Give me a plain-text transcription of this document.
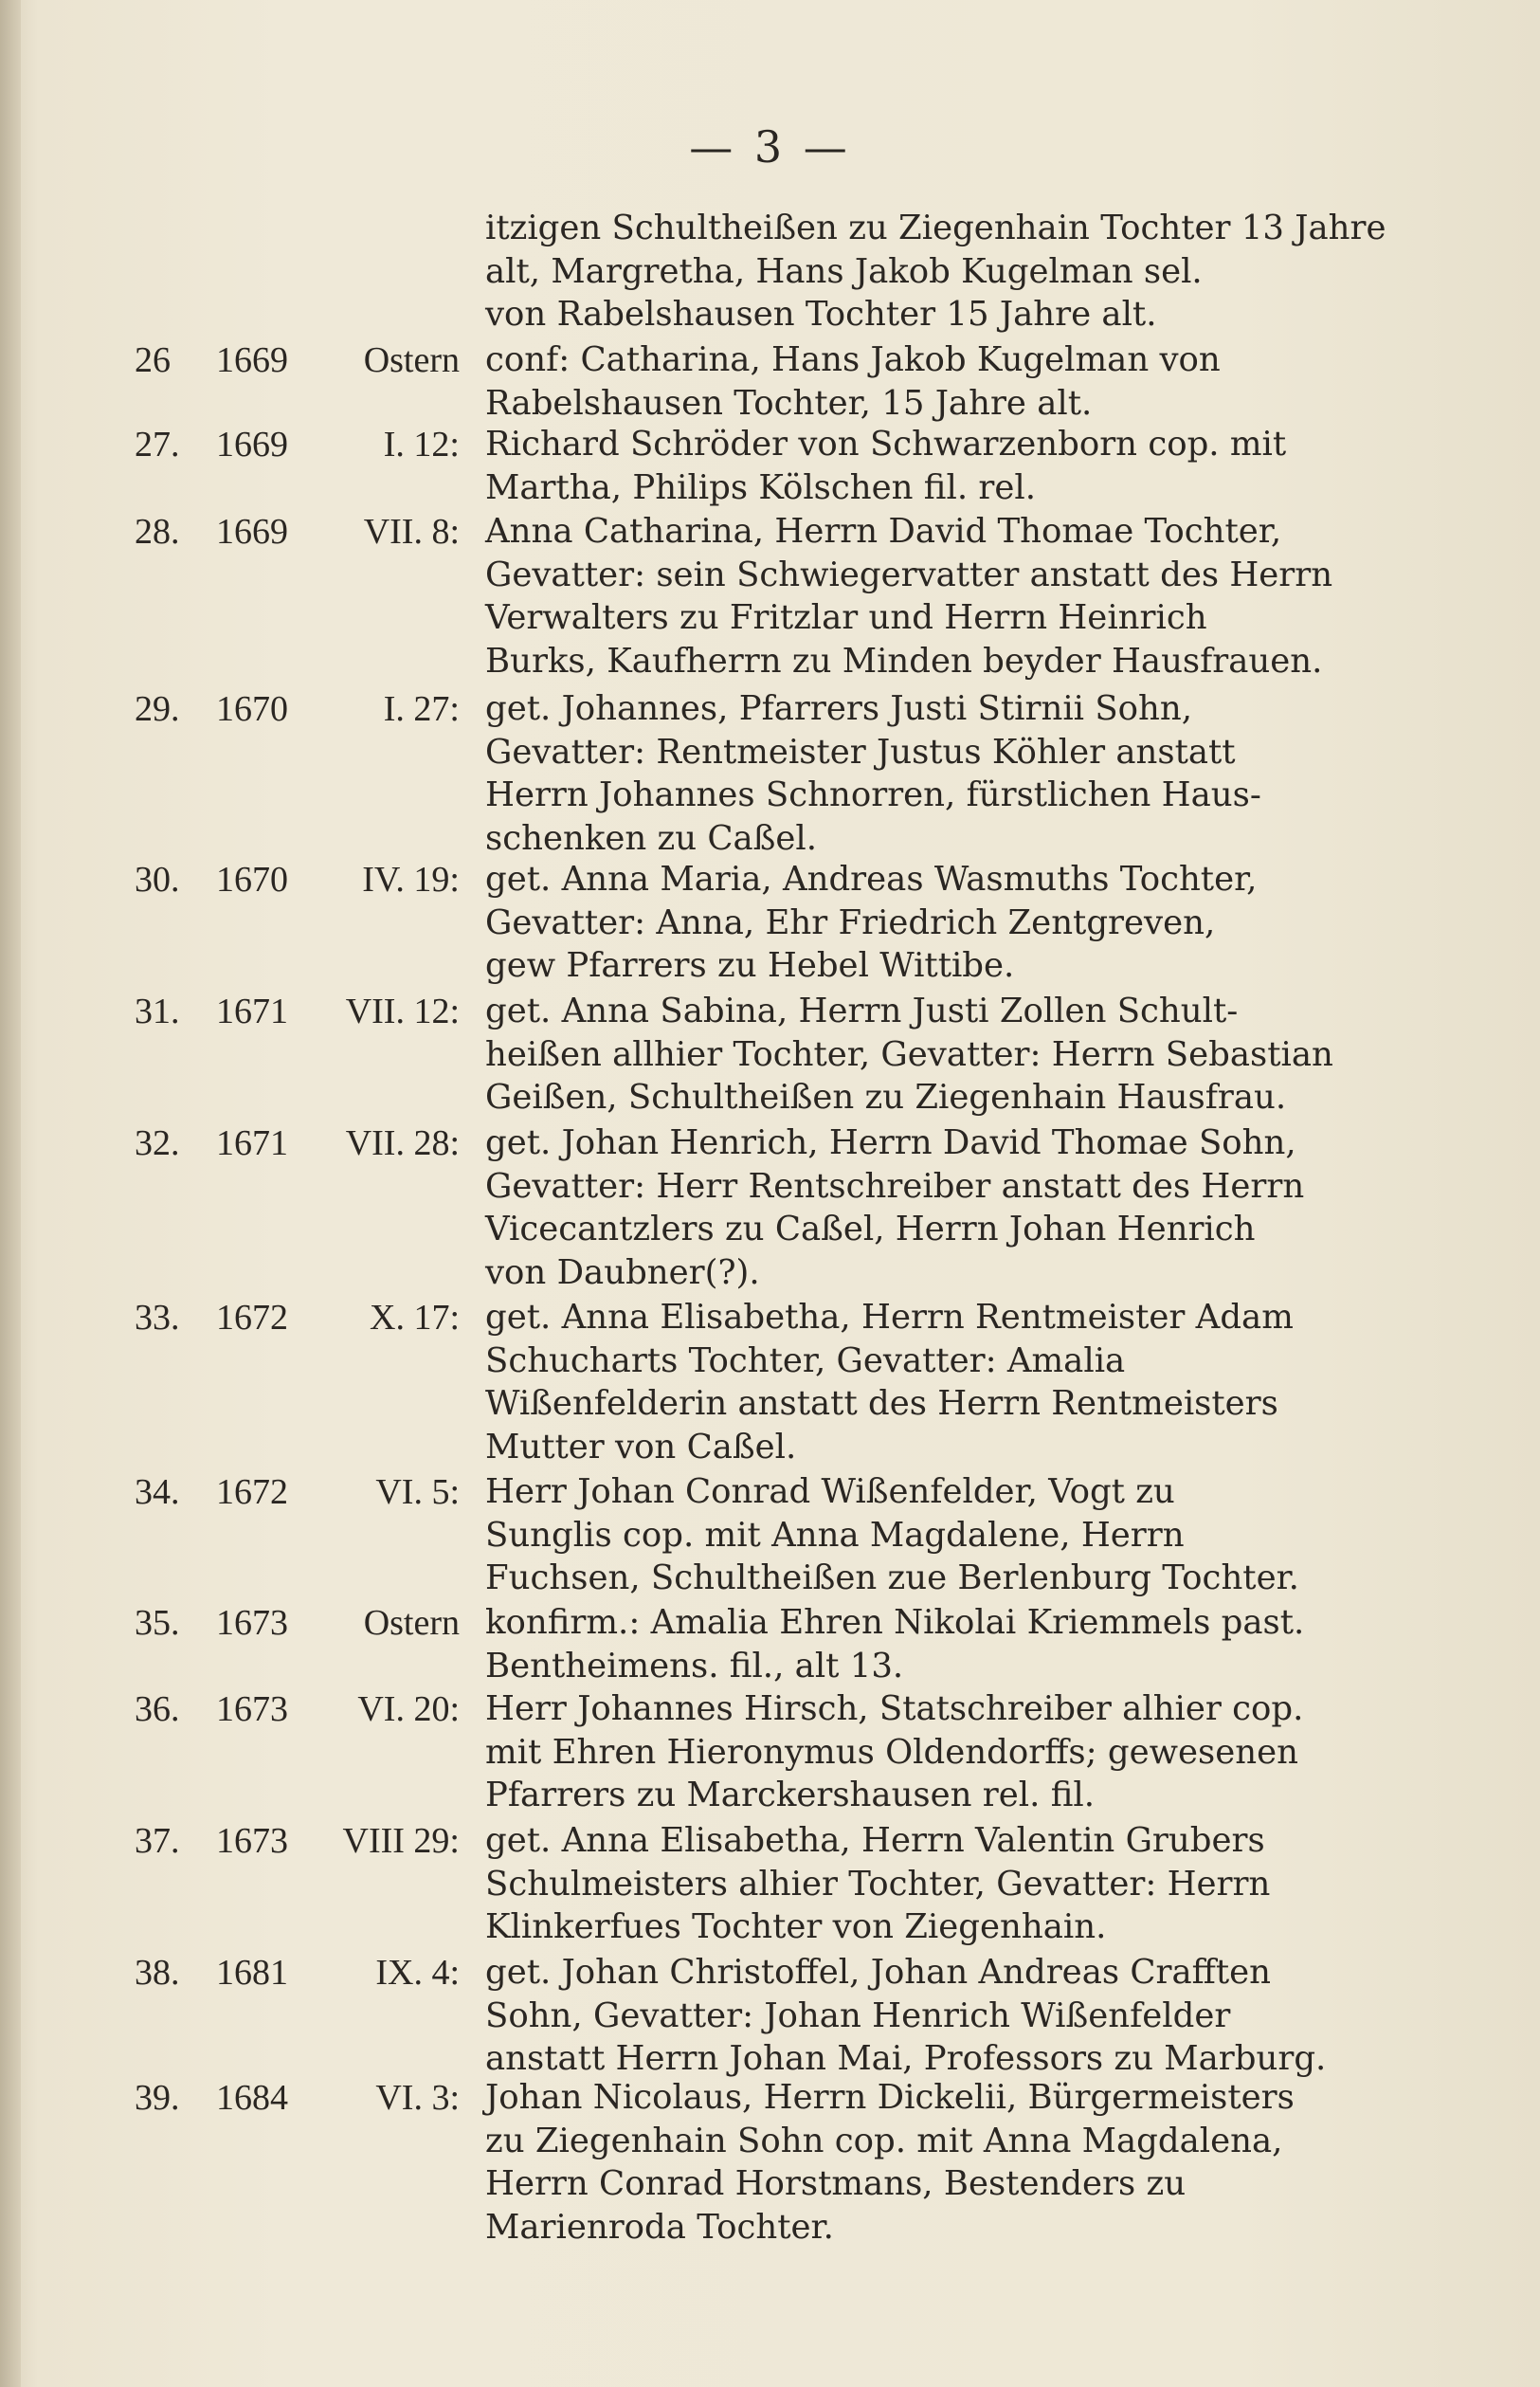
— 3 —
itzigen Schultheißen zu Ziegenhain Tochter 13 Jahre
alt, Margretha, Hans Jakob Kugelman sel.
von Rabelshausen Tochter 15 Jahre alt.
26 1669 Ostern conf: Catharina, Hans Jakob Kugelman von
Rabelshausen Tochter, 15 Jahre alt.
27. 1669	I. 12: Richard Schröder von Schwarzenborn cop. mit
Martha, Philips Kölschen fil. rel.
28. 1669 VII. 8: Anna Catharina, Herrn David Thomae Tochter,
Gevatter: sein Schwiegervatter anstatt des Herrn
Verwalters zu Fritzlar und Herrn Heinrich
Burks, Kaufherrn zu Minden beyder Hausfrauen.
29. 1670	I. 27: get. Johannes, Pfarrers Justi Stirnii Sohn,
Gevatter: Rentmeister Justus Köhler anstatt
Herrn Johannes Schnorren, fürstlichen Haus-
schenken zu Caßel.
30. 1670 IV. 19: get. Anna Maria, Andreas Wasmuths Tochter,
Gevatter: Anna, Ehr Friedrich Zentgreven,
gew Pfarrers zu Hebel Wittibe.
31. 1671 VII. 12: get. Anna Sabina, Herrn Justi Zollen Schult-
heißen allhier Tochter, Gevatter: Herrn Sebastian
Geißen, Schultheißen zu Ziegenhain Hausfrau.
32. 1671 VII. 28: get. Johan Henrich, Herrn David Thomae Sohn,
Gevatter: Herr Rentschreiber anstatt des Herrn
Vicecantzlers zu Caßel, Herrn Johan Henrich
von Daubner(?).
33. 1672 X. 17: get. Anna Elisabetha, Herrn Rentmeister Adam
Schucharts Tochter, Gevatter: Amalia
Wißenfelderin anstatt des Herrn Rentmeisters
Mutter von Caßel.
34. 1672 VI. 5: Herr Johan Conrad Wißenfelder, Vogt zu
Sunglis cop. mit Anna Magdalene, Herrn
Fuchsen, Schultheißen zue Berlenburg Tochter.
35. 1673 Ostern konfirm.: Amalia Ehren Nikolai Kriemmels past.
Bentheimens. fil., alt 13.
36. 1673 VI. 20: Herr Johannes Hirsch, Statschreiber alhier cop.
mit Ehren Hieronymus Oldendorffs; gewesenen
Pfarrers zu Marckershausen rel. fil.
37. 1673 VIII 29: get. Anna Elisabetha, Herrn Valentin Grubers
Schulmeisters alhier Tochter, Gevatter: Herrn
Klinkerfues Tochter von Ziegenhain.
38. 1681 IX. 4: get. Johan Christoffel, Johan Andreas Crafften
Sohn, Gevatter: Johan Henrich Wißenfelder
anstatt Herrn Johan Mai, Professors zu Marburg.
39. 1684 VI. 3: Johan Nicolaus, Herrn Dickelii, Bürgermeisters
zu Ziegenhain Sohn cop. mit Anna Magdalena,
Herrn Conrad Horstmans, Bestenders zu
Marienroda Tochter.
